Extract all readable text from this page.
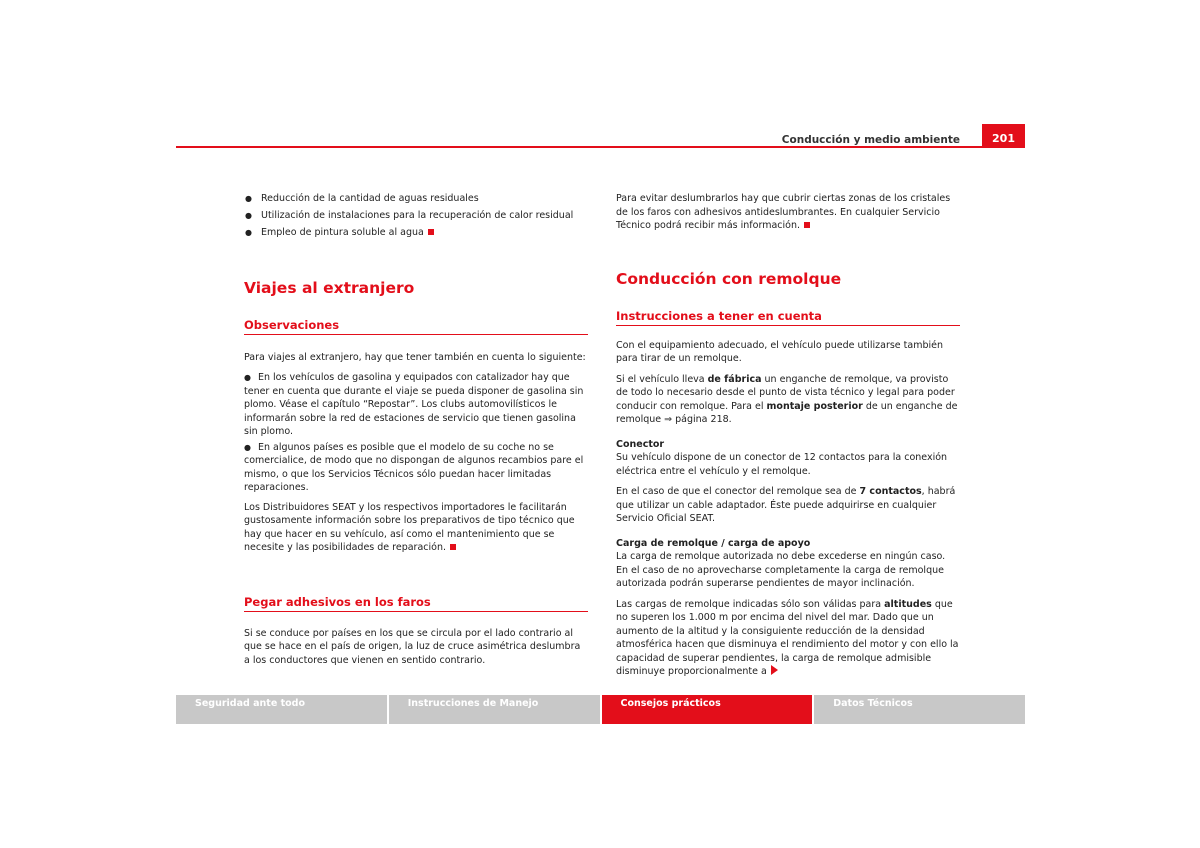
Conducción y medio ambiente	201
● Reducción de la cantidad de aguas residuales
● Utilización de instalaciones para la recuperación de calor residual
● Empleo de pintura soluble al agua
Viajes al extranjero
Observaciones

Para viajes al extranjero, hay que tener también en cuenta lo siguiente:

● En los vehículos de gasolina y equipados con catalizador hay que tener en cuenta que durante el viaje se pueda disponer de gasolina sin plomo. Véase el capítulo “Repostar”. Los clubs automovilísticos le informarán sobre la red de estaciones de servicio que tienen gasolina sin plomo.
● En algunos países es posible que el modelo de su coche no se comercialice, de modo que no dispongan de algunos recambios pare el mismo, o que los Servicios Técnicos sólo puedan hacer limitadas reparaciones.

Los Distribuidores SEAT y los respectivos importadores le facilitarán gustosamente información sobre los preparativos de tipo técnico que hay que hacer en su vehículo, así como el mantenimiento que se necesite y las posibilidades de reparación.

Pegar adhesivos en los faros

Si se conduce por países en los que se circula por el lado contrario al que se hace en el país de origen, la luz de cruce asimétrica deslumbra a los conductores que vienen en sentido contrario.

Para evitar deslumbrarlos hay que cubrir ciertas zonas de los cristales de los faros con adhesivos antideslumbrantes. En cualquier Servicio Técnico podrá recibir más información.

Conducción con remolque
Instrucciones a tener en cuenta

Con el equipamiento adecuado, el vehículo puede utilizarse también para tirar de un remolque.

Si el vehículo lleva de fábrica un enganche de remolque, va provisto de todo lo necesario desde el punto de vista técnico y legal para poder conducir con remolque. Para el montaje posterior de un enganche de remolque ⇒ página 218.

Conector

Su vehículo dispone de un conector de 12 contactos para la conexión eléctrica entre el vehículo y el remolque.

En el caso de que el conector del remolque sea de 7 contactos, habrá que utilizar un cable adaptador. Éste puede adquirirse en cualquier Servicio Oficial SEAT.

Carga de remolque / carga de apoyo

La carga de remolque autorizada no debe excederse en ningún caso. En el caso de no aprovecharse completamente la carga de remolque autorizada podrán superarse pendientes de mayor inclinación.

Las cargas de remolque indicadas sólo son válidas para altitudes que no superen los 1.000 m por encima del nivel del mar. Dado que un aumento de la altitud y la consiguiente reducción de la densidad atmosférica hacen que disminuya el rendimiento del motor y con ello la capacidad de superar pendientes, la carga de remolque admisible disminuye proporcionalmente a

Seguridad ante todo	Instrucciones de Manejo	Consejos prácticos	Datos Técnicos
